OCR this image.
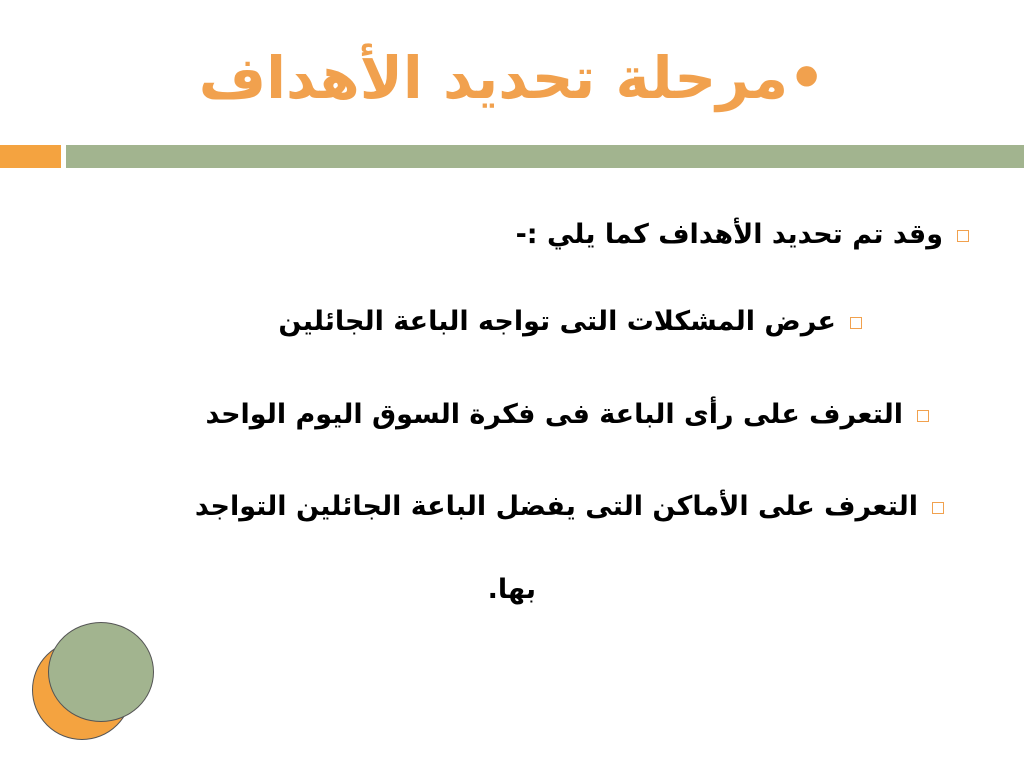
•مرحلة تحديد الأهداف
وقد تم تحديد الأهداف كما يلي :-
عرض المشكلات التى تواجه الباعة الجائلين
التعرف على رأى الباعة فى فكرة السوق اليوم الواحد
التعرف على الأماكن التى يفضل الباعة الجائلين التواجد
بها.
